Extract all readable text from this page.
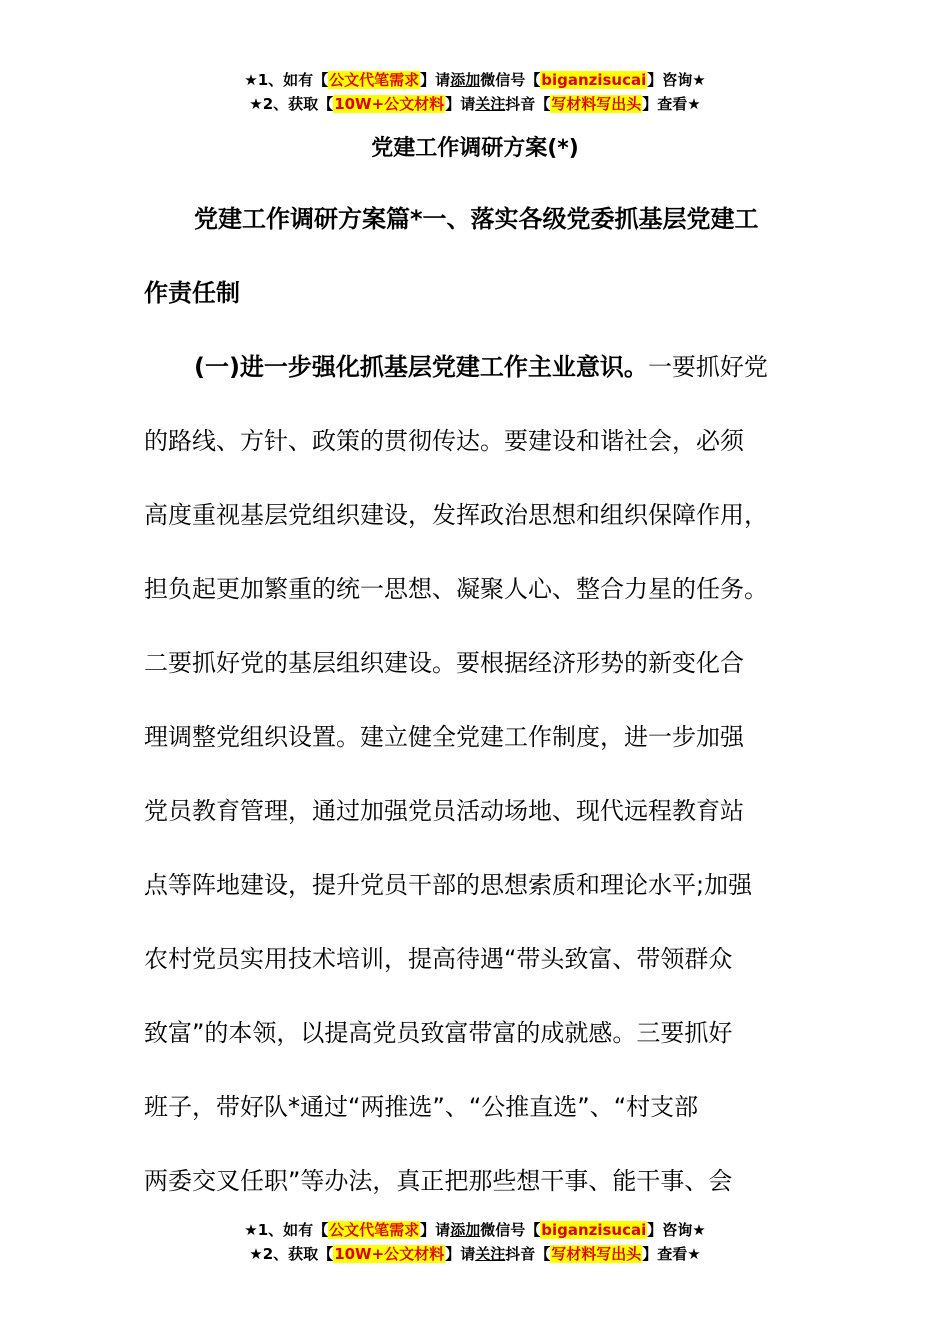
★1、如有【公文代笔需求】请添加微信号【biganzisucai】咨询★
★2、获取【10W+公文材料】请关注抖音【写材料写出头】查看★
党建工作调研方案(*)

党建工作调研方案篇*一、落实各级党委抓基层党建工

作责任制

(一)进一步强化抓基层党建工作主业意识。一要抓好党

的路线、方针、政策的贯彻传达。要建设和谐社会，必须

高度重视基层党组织建设，发挥政治思想和组织保障作用，

担负起更加繁重的统一思想、凝聚人心、整合力星的任务。

二要抓好党的基层组织建设。要根据经济形势的新变化合

理调整党组织设置。建立健全党建工作制度，进一步加强

党员教育管理，通过加强党员活动场地、现代远程教育站

点等阵地建设，提升党员干部的思想索质和理论水平;加强

农村党员实用技术培训，提高待遇“带头致富、带领群众

致富”的本领，以提高党员致富带富的成就感。三要抓好

班子，带好队*通过“两推选”、“公推直选”、“村支部

两委交叉任职”等办法，真正把那些想干事、能干事、会

★1、如有【公文代笔需求】请添加微信号【biganzisucai】咨询★
★2、获取【10W+公文材料】请关注抖音【写材料写出头】查看★
